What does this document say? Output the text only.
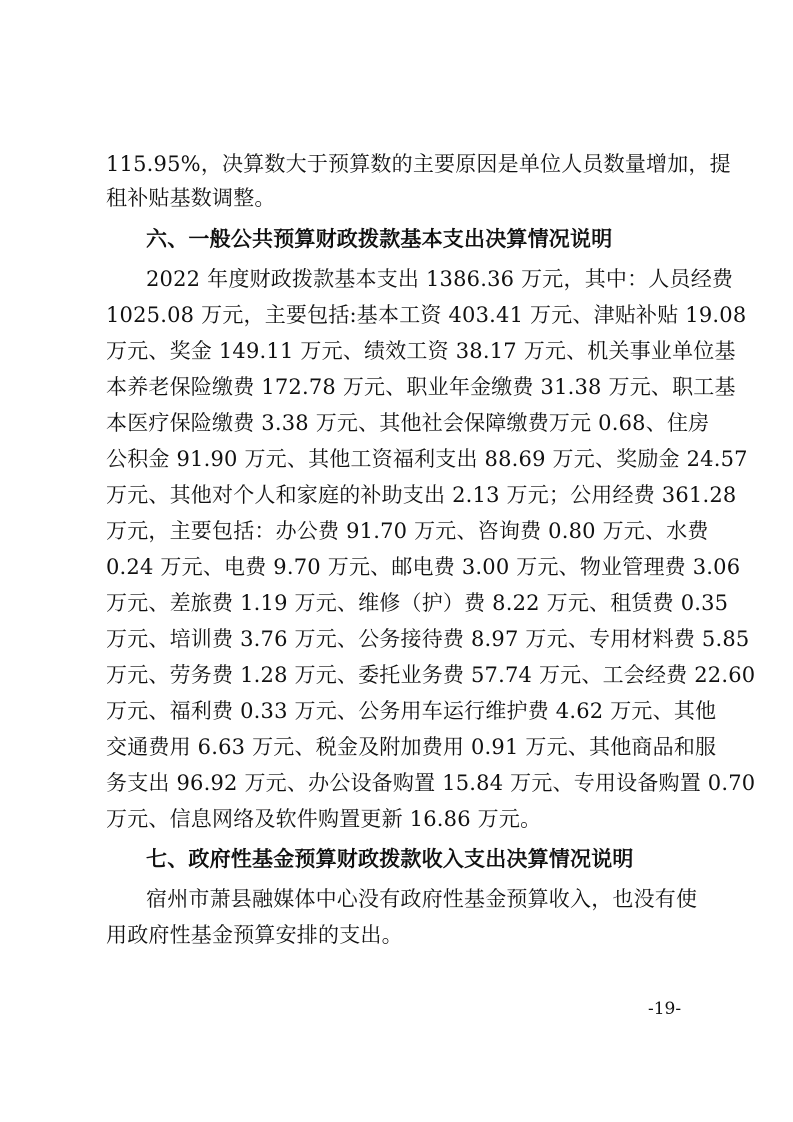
115.95%，决算数大于预算数的主要原因是单位人员数量增加，提
租补贴基数调整。
六、一般公共预算财政拨款基本支出决算情况说明
2022 年度财政拨款基本支出 1386.36 万元，其中：人员经费
1025.08 万元，主要包括:基本工资 403.41 万元、津贴补贴 19.08
万元、奖金 149.11 万元、绩效工资 38.17 万元、机关事业单位基
本养老保险缴费 172.78 万元、职业年金缴费 31.38 万元、职工基
本医疗保险缴费 3.38 万元、其他社会保障缴费万元 0.68、住房
公积金 91.90 万元、其他工资福利支出 88.69 万元、奖励金 24.57
万元、其他对个人和家庭的补助支出 2.13 万元；公用经费 361.28
万元，主要包括：办公费 91.70 万元、咨询费 0.80 万元、水费
0.24 万元、电费 9.70 万元、邮电费 3.00 万元、物业管理费 3.06
万元、差旅费 1.19 万元、维修（护）费 8.22 万元、租赁费 0.35
万元、培训费 3.76 万元、公务接待费 8.97 万元、专用材料费 5.85
万元、劳务费 1.28 万元、委托业务费 57.74 万元、工会经费 22.60
万元、福利费 0.33 万元、公务用车运行维护费 4.62 万元、其他
交通费用 6.63 万元、税金及附加费用 0.91 万元、其他商品和服
务支出 96.92 万元、办公设备购置 15.84 万元、专用设备购置 0.70
万元、信息网络及软件购置更新 16.86 万元。
七、政府性基金预算财政拨款收入支出决算情况说明
宿州市萧县融媒体中心没有政府性基金预算收入，也没有使
用政府性基金预算安排的支出。
-19-
